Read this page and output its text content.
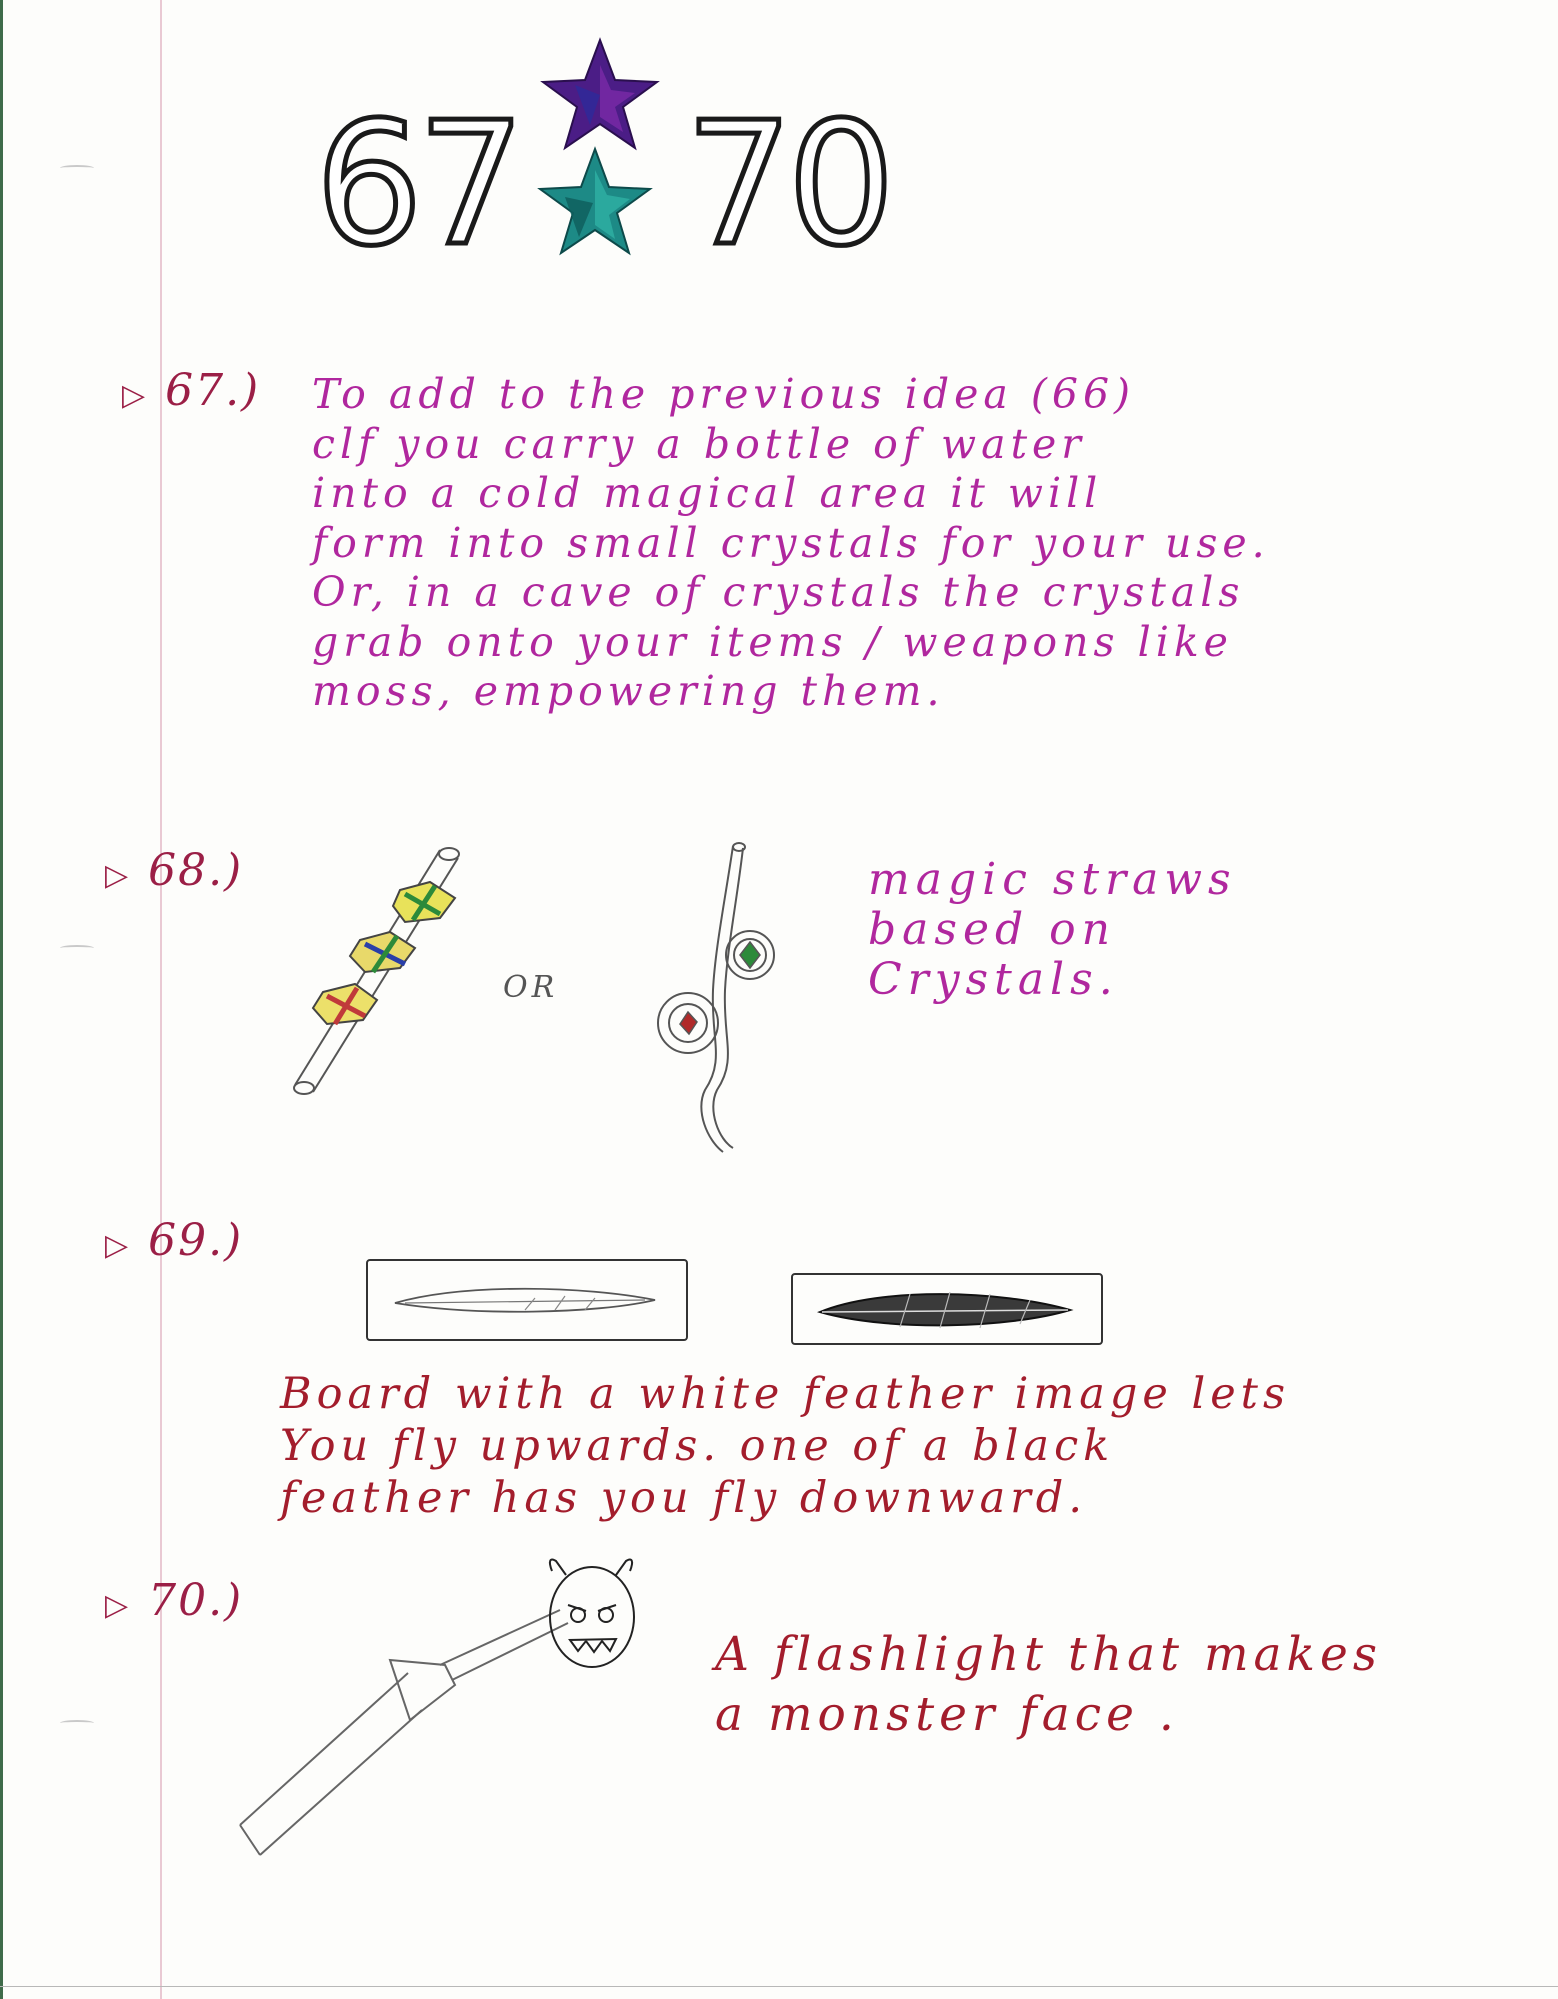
67 70

▷ 67.) To add to the previous idea (66)
clf you carry a bottle of water
into a cold magical area it will
form into small crystals for your use.
Or, in a cave of crystals the crystals
grab onto your items / weapons like
moss, empowering them.

▷ 68.)

OR

magic straws
based on
Crystals.

▷ 69.)

Board with a white feather image lets
You fly upwards. one of a black
feather has you fly downward.

▷ 70.)

A flashlight that makes
a monster face .
